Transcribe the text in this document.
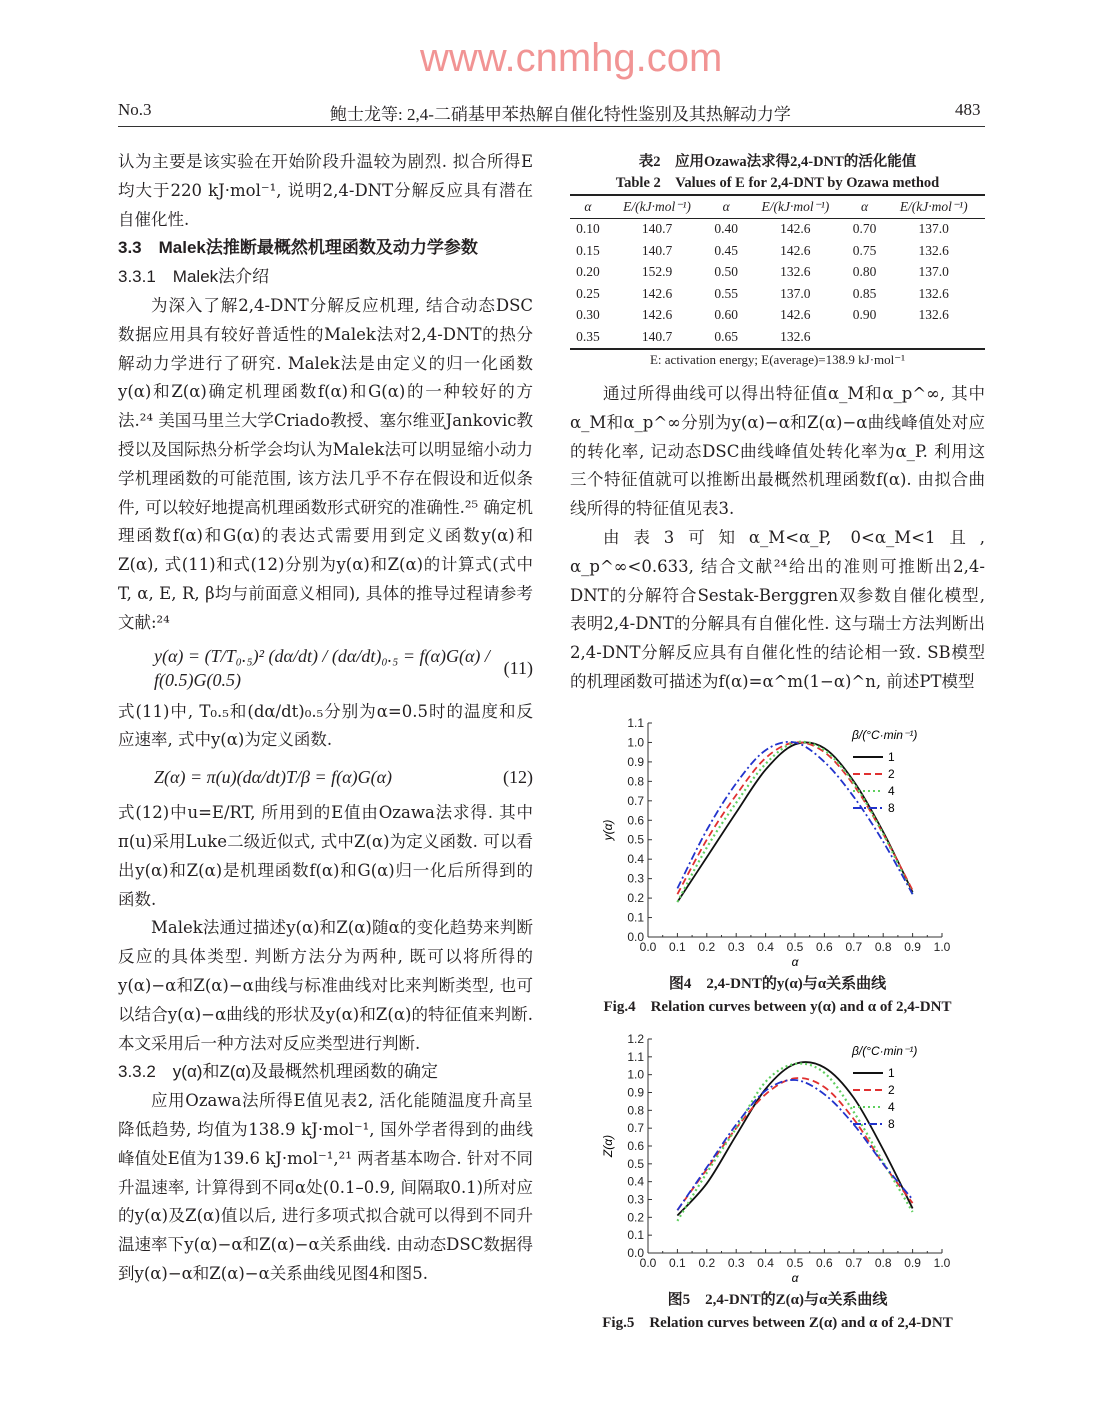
No.3	鲍士龙等: 2,4-二硝基甲苯热解自催化特性鉴别及其热解动力学	483

认为主要是该实验在开始阶段升温较为剧烈. 拟合所得E均大于220 kJ·mol⁻¹, 说明2,4-DNT分解反应具有潜在自催化性.

3.3　Malek法推断最概然机理函数及动力学参数

3.3.1　Malek法介绍

为深入了解2,4-DNT分解反应机理, 结合动态DSC数据应用具有较好普适性的Malek法对2,4-DNT的热分解动力学进行了研究. Malek法是由定义的归一化函数y(α)和Z(α)确定机理函数f(α)和G(α)的一种较好的方法.²⁴ 美国马里兰大学Criado教授、塞尔维亚Jankovic教授以及国际热分析学会均认为Malek法可以明显缩小动力学机理函数的可能范围, 该方法几乎不存在假设和近似条件, 可以较好地提高机理函数形式研究的准确性.²⁵ 确定机理函数f(α)和G(α)的表达式需要用到定义函数y(α)和Z(α), 式(11)和式(12)分别为y(α)和Z(α)的计算式(式中T, α, E, R, β均与前面意义相同), 具体的推导过程请参考文献:²⁴

y(α) = (T/T₀.₅)² (dα/dt) / (dα/dt)₀.₅ = f(α)G(α) / f(0.5)G(0.5)
(11)

式(11)中, T₀.₅和(dα/dt)₀.₅分别为α=0.5时的温度和反应速率, 式中y(α)为定义函数.

Z(α) = π(u)(dα/dt)T/β = f(α)G(α)	(12)

式(12)中u=E/RT, 所用到的E值由Ozawa法求得. 其中π(u)采用Luke二级近似式, 式中Z(α)为定义函数. 可以看出y(α)和Z(α)是机理函数f(α)和G(α)归一化后所得到的函数.

Malek法通过描述y(α)和Z(α)随α的变化趋势来判断反应的具体类型. 判断方法分为两种, 既可以将所得的y(α)−α和Z(α)−α曲线与标准曲线对比来判断类型, 也可以结合y(α)−α曲线的形状及y(α)和Z(α)的特征值来判断. 本文采用后一种方法对反应类型进行判断.

3.3.2　y(α)和Z(α)及最概然机理函数的确定

应用Ozawa法所得E值见表2, 活化能随温度升高呈降低趋势, 均值为138.9 kJ·mol⁻¹, 国外学者得到的曲线峰值处E值为139.6 kJ·mol⁻¹,²¹ 两者基本吻合. 针对不同升温速率, 计算得到不同α处(0.1–0.9, 间隔取0.1)所对应的y(α)及Z(α)值以后, 进行多项式拟合就可以得到不同升温速率下y(α)−α和Z(α)−α关系曲线. 由动态DSC数据得到y(α)−α和Z(α)−α关系曲线见图4和图5.

表2　应用Ozawa法求得2,4-DNT的活化能值
Table 2　Values of E for 2,4-DNT by Ozawa method
α	E/(kJ·mol⁻¹)	α	E/(kJ·mol⁻¹)	α	E/(kJ·mol⁻¹)
0.10	140.7	0.40	142.6	0.70	137.0
0.15	140.7	0.45	142.6	0.75	132.6
0.20	152.9	0.50	132.6	0.80	137.0
0.25	142.6	0.55	137.0	0.85	132.6
0.30	142.6	0.60	142.6	0.90	132.6
0.35	140.7	0.65	132.6		
E: activation energy; E(average)=138.9 kJ·mol⁻¹

通过所得曲线可以得出特征值α_M和α_p^∞, 其中α_M和α_p^∞分别为y(α)−α和Z(α)−α曲线峰值处对应的转化率, 记动态DSC曲线峰值处转化率为α_P. 利用这三个特征值就可以推断出最概然机理函数f(α). 由拟合曲线所得的特征值见表3.

由表3可知α_M<α_P, 0<α_M<1且, α_p^∞<0.633, 结合文献²⁴给出的准则可推断出2,4-DNT的分解符合Sestak-Berggren双参数自催化模型, 表明2,4-DNT的分解具有自催化性. 这与瑞士方法判断出2,4-DNT分解反应具有自催化性的结论相一致. SB模型的机理函数可描述为f(α)=α^m(1−α)^n, 前述PT模型

0.0 0.1 0.2 0.3 0.4 0.5 0.6 0.7 0.8 0.9 1.0
0.0
0.1
0.2
0.3
0.4
0.5
0.6
0.7
0.8
0.9
1.0
1.1
α
y(α)
1
2
4
8
β/(°C·min⁻¹)
图4　2,4-DNT的y(α)与α关系曲线
Fig.4　Relation curves between y(α) and α of 2,4-DNT
0.0 0.1 0.2 0.3 0.4 0.5 0.6 0.7 0.8 0.9 1.0
0.0
0.1
0.2
0.3
0.4
0.5
0.6
0.7
0.8
0.9
1.0
1.1
1.2
α
Z(α)
1
2
4
8
β/(°C·min⁻¹)
图5　2,4-DNT的Z(α)与α关系曲线
Fig.5　Relation curves between Z(α) and α of 2,4-DNT
www.cnmhg.com
